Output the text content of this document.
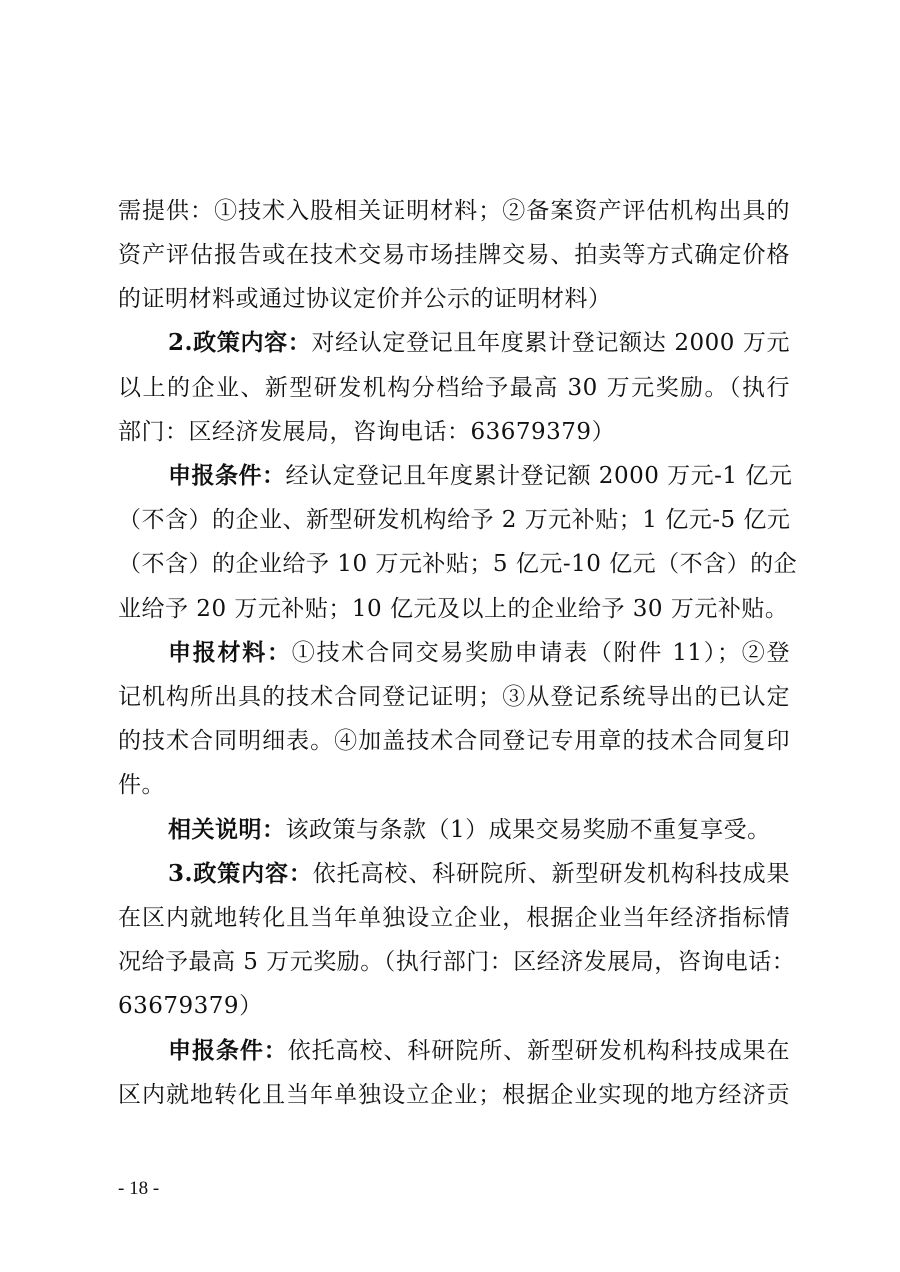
需提供：①技术入股相关证明材料；②备案资产评估机构出具的

资产评估报告或在技术交易市场挂牌交易、拍卖等方式确定价格

的证明材料或通过协议定价并公示的证明材料）

2.政策内容：对经认定登记且年度累计登记额达 2000 万元

以上的企业、新型研发机构分档给予最高 30 万元奖励。（执行

部门：区经济发展局，咨询电话：63679379）

申报条件：经认定登记且年度累计登记额 2000 万元-1 亿元

（不含）的企业、新型研发机构给予 2 万元补贴；1 亿元-5 亿元

（不含）的企业给予 10 万元补贴；5 亿元-10 亿元（不含）的企

业给予 20 万元补贴；10 亿元及以上的企业给予 30 万元补贴。

申报材料：①技术合同交易奖励申请表（附件 11）；②登

记机构所出具的技术合同登记证明；③从登记系统导出的已认定

的技术合同明细表。④加盖技术合同登记专用章的技术合同复印

件。

相关说明：该政策与条款（1）成果交易奖励不重复享受。

3.政策内容：依托高校、科研院所、新型研发机构科技成果

在区内就地转化且当年单独设立企业，根据企业当年经济指标情

况给予最高 5 万元奖励。（执行部门：区经济发展局，咨询电话：

63679379）

申报条件：依托高校、科研院所、新型研发机构科技成果在

区内就地转化且当年单独设立企业；根据企业实现的地方经济贡

- 18 -
